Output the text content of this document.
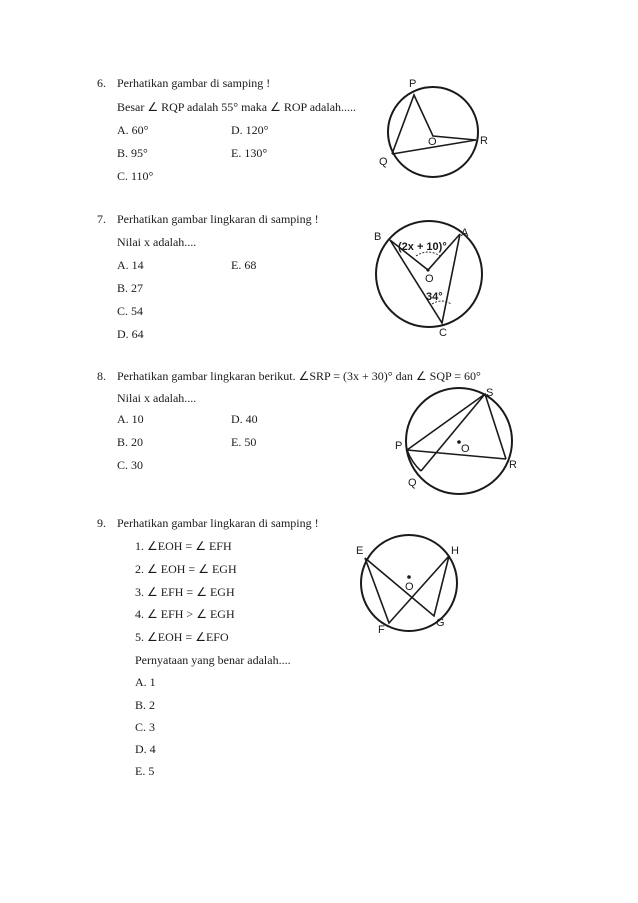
6. Perhatikan gambar di samping !
Besar ∠ RQP adalah 55° maka ∠ ROP adalah.....
A. 60°	D. 120°
B. 95°	E. 130°
C. 110°
P
O	R
Q
7. Perhatikan gambar lingkaran di samping !
Nilai x adalah....
A. 14	E. 68
B. 27
C. 54
D. 64
B	A
(2x + 10)°
O
34°
C
8. Perhatikan gambar lingkaran berikut. ∠SRP = (3x + 30)° dan ∠ SQP = 60°
Nilai x adalah....
A. 10	D. 40
B. 20	E. 50
C. 30
P
S
O
R
Q
9. Perhatikan gambar lingkaran di samping !
1. ∠EOH = ∠ EFH
2. ∠ EOH = ∠ EGH
3. ∠ EFH = ∠ EGH
4. ∠ EFH > ∠ EGH
5. ∠EOH = ∠EFO
Pernyataan yang benar adalah....
A. 1
B. 2
C. 3
D. 4
E. 5
E	H
O
F
G
